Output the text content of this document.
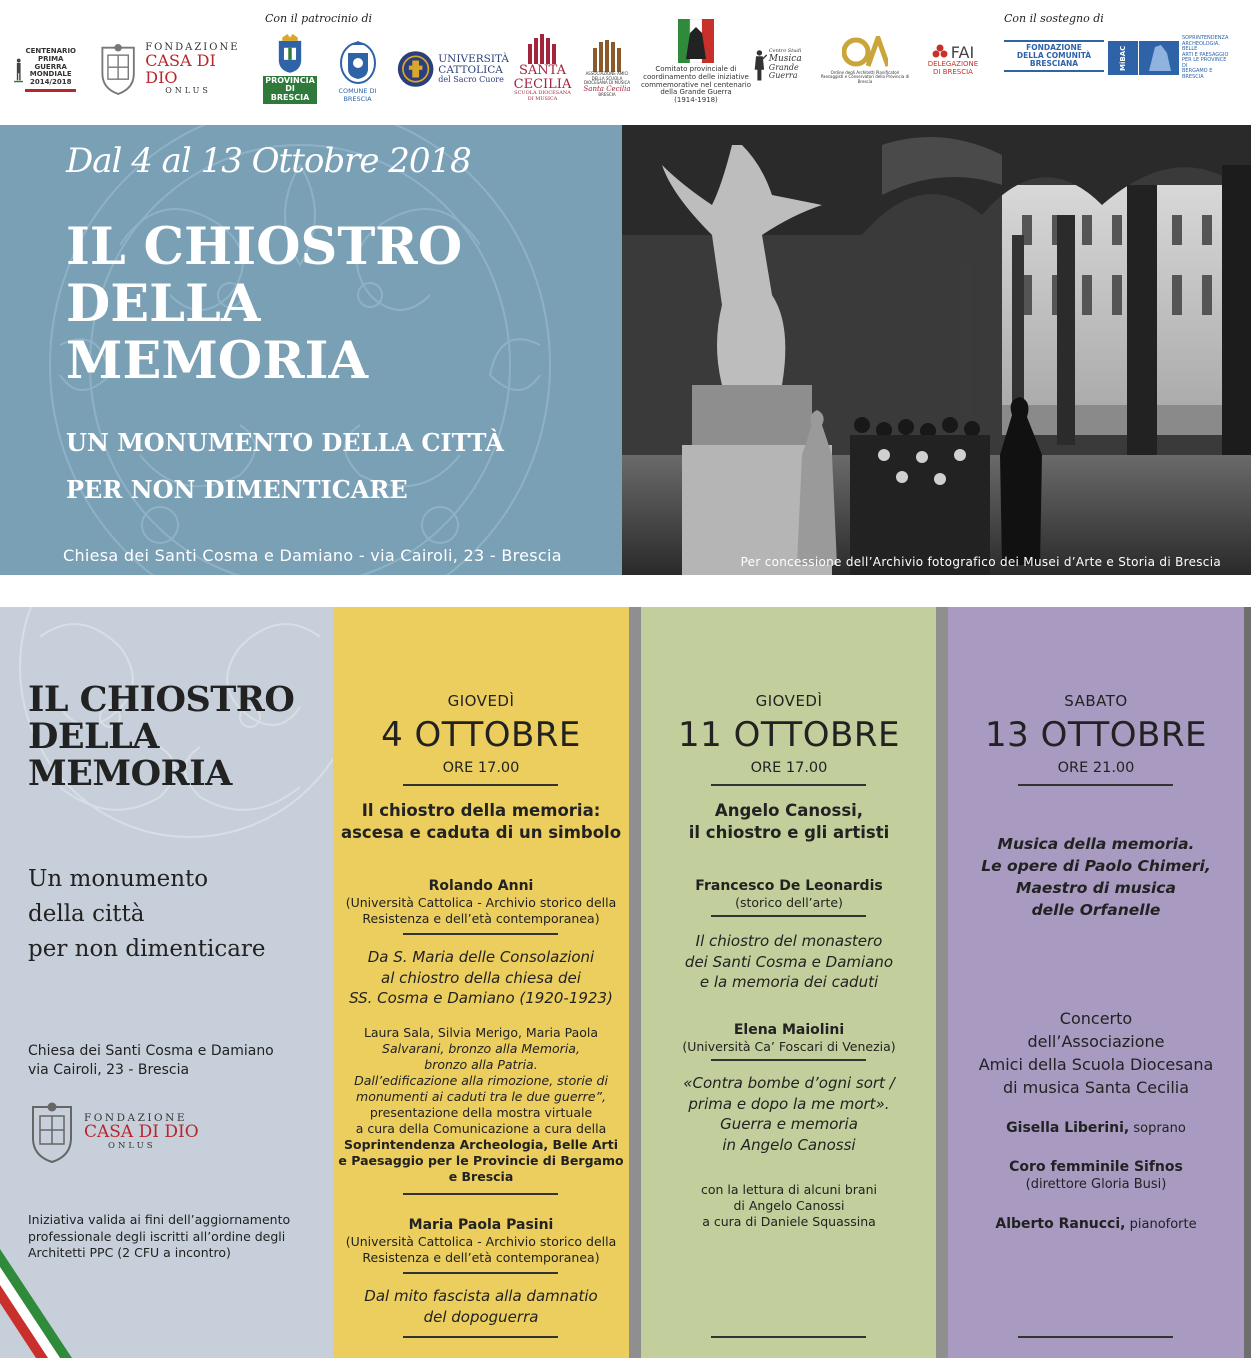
Con il patrocinio di	Con il sostegno di
CENTENARIO
PRIMA GUERRA
MONDIALE
2014/2018
FONDAZIONE
CASA DI DIO
ONLUS
PROVINCIA
DI BRESCIA
COMUNE DI BRESCIA
UNIVERSITÀ
CATTOLICA
del Sacro Cuore
SANTA
CECILIA
SCUOLA DIOCESANA
DI MUSICA
ASSOCIAZIONE AMICI
DELLA SCUOLA
DIOCESANA DI MUSICA
Santa Cecilia
BRESCIA
Comitato provinciale di
coordinamento delle iniziative
commemorative nel centenario
della Grande Guerra
(1914-1918)
Centro Studi
Musica
Grande Guerra	Ordine degli Architetti Pianificatori Paesaggisti e Conservatori della Provincia di Brescia
FAI
DELEGAZIONE
DI BRESCIA
FONDAZIONE
DELLA COMUNITÀ
BRESCIANA	MiBAC
SOPRINTENDENZA
ARCHEOLOGIA, BELLE
ARTI E PAESAGGIO
PER LE PROVINCE DI
BERGAMO E BRESCIA
Dal 4 al 13 Ottobre 2018
IL CHIOSTRO
DELLA
MEMORIA
UN MONUMENTO DELLA CITTÀ
PER NON DIMENTICARE
Chiesa dei Santi Cosma e Damiano - via Cairoli, 23 - Brescia	Per concessione dell’Archivio fotografico dei Musei d’Arte e Storia di Brescia
IL CHIOSTRO
DELLA
MEMORIA
Un monumento
della città
per non dimenticare
Chiesa dei Santi Cosma e Damiano
via Cairoli, 23 - Brescia
FONDAZIONE
CASA DI DIO
ONLUS
Iniziativa valida ai fini dell’aggiornamento professionale degli iscritti all’ordine degli Architetti PPC (2 CFU a incontro)
GIOVEDÌ
4 OTTOBRE
ORE 17.00
Il chiostro della memoria:
ascesa e caduta di un simbolo
Rolando Anni
(Università Cattolica - Archivio storico della
Resistenza e dell’età contemporanea)
Da S. Maria delle Consolazioni
al chiostro della chiesa dei
SS. Cosma e Damiano (1920-1923)
Laura Sala, Silvia Merigo, Maria Paola
Salvarani, bronzo alla Memoria,
bronzo alla Patria.
Dall’edificazione alla rimozione, storie di
monumenti ai caduti tra le due guerre”,
presentazione della mostra virtuale
a cura della Comunicazione a cura della
Soprintendenza Archeologia, Belle Arti
e Paesaggio per le Provincie di Bergamo
e Brescia
Maria Paola Pasini
(Università Cattolica - Archivio storico della
Resistenza e dell’età contemporanea)
Dal mito fascista alla damnatio
del dopoguerra
GIOVEDÌ
11 OTTOBRE
ORE 17.00
Angelo Canossi,
il chiostro e gli artisti
Francesco De Leonardis
(storico dell’arte)
Il chiostro del monastero
dei Santi Cosma e Damiano
e la memoria dei caduti
Elena Maiolini
(Università Ca’ Foscari di Venezia)
«Contra bombe d’ogni sort /
prima e dopo la me mort».
Guerra e memoria
in Angelo Canossi
con la lettura di alcuni brani
di Angelo Canossi
a cura di Daniele Squassina
SABATO
13 OTTOBRE
ORE 21.00
Musica della memoria.
Le opere di Paolo Chimeri,
Maestro di musica
delle Orfanelle
Concerto
dell’Associazione
Amici della Scuola Diocesana
di musica Santa Cecilia
Gisella Liberini, soprano
Coro femminile Sifnos
(direttore Gloria Busi)
Alberto Ranucci, pianoforte
